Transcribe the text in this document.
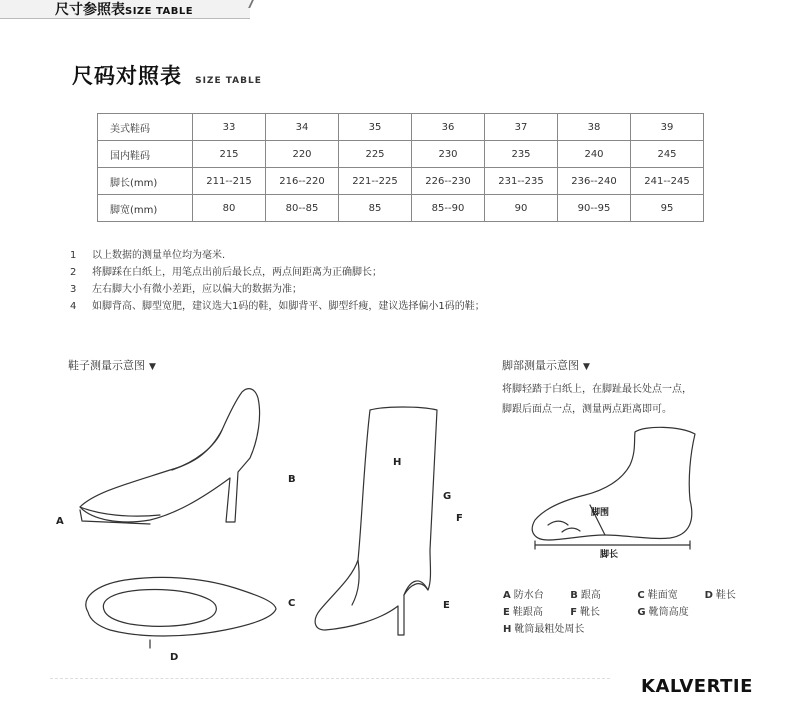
尺寸参照表SIZE TABLE
尺码对照表 SIZE TABLE
美式鞋码	33	34	35	36	37	38	39
国内鞋码	215	220	225	230	235	240	245
脚长(mm)	211--215	216--220	221--225	226--230	231--235	236--240	241--245
脚宽(mm)	80	80--85	85	85--90	90	90--95	95
1 以上数据的测量单位均为毫米.
2 将脚踩在白纸上，用笔点出前后最长点，两点间距离为正确脚长；
3 左右脚大小有微小差距，应以偏大的数据为准；
4 如脚背高、脚型宽肥，建议选大1码的鞋，如脚背平、脚型纤瘦，建议选择偏小1码的鞋；
鞋子测量示意图 ▼	脚部测量示意图 ▼
将脚轻踏于白纸上，在脚趾最长处点一点，
脚跟后面点一点，测量两点距离即可。
A
B
C
D
E
F
G
H
脚围
脚长
A 防水台	B 跟高	C 鞋面宽	D 鞋长
E 鞋跟高	F 靴长	G 靴筒高度
H 靴筒最粗处周长
KALVERTIE
